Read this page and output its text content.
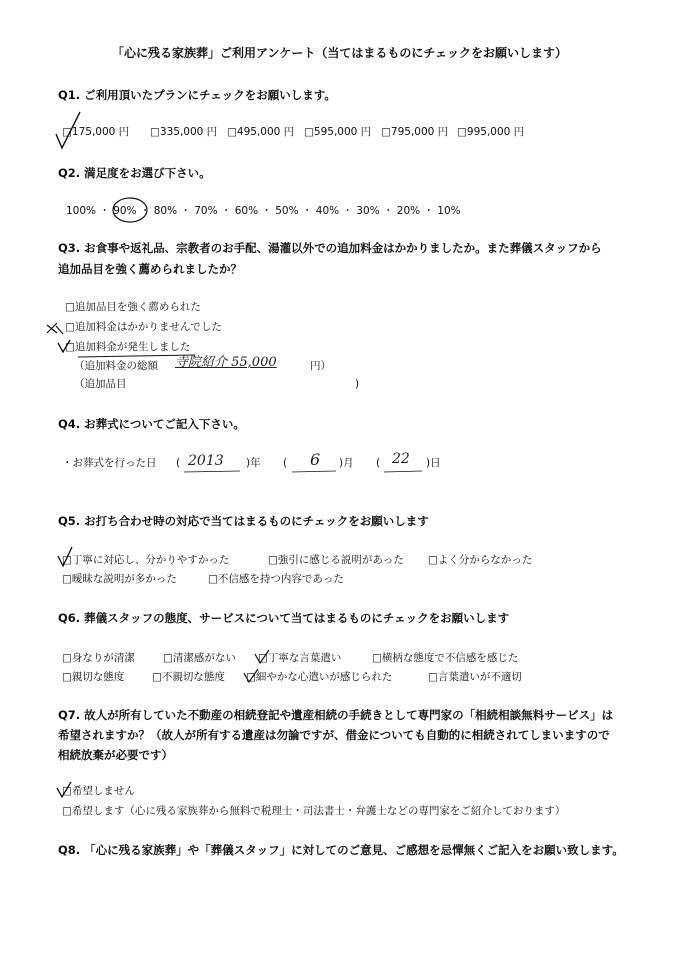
「心に残る家族葬」ご利用アンケート（当てはまるものにチェックをお願いします）
Q1. ご利用頂いたプランにチェックをお願いします。
□175,000 円 □335,000 円 □495,000 円 □595,000 円 □795,000 円 □995,000 円
Q2. 満足度をお選び下さい。
100% ・ 90% ・ 80% ・ 70% ・ 60% ・ 50% ・ 40% ・ 30% ・ 20% ・ 10%
Q3. お食事や返礼品、宗教者のお手配、湯灌以外での追加料金はかかりましたか。また葬儀スタッフから
追加品目を強く薦められましたか？
□追加品目を強く薦められた
□追加料金はかかりませんでした
□追加料金が発生しました
（追加料金の総額 寺院紹介 55,000	円）
（追加品目	)
Q4. お葬式についてご記入下さい。
・お葬式を行った日 ( 2013 )年 ( 6 )月 ( 22 )日
Q5. お打ち合わせ時の対応で当てはまるものにチェックをお願いします
□丁寧に対応し、分かりやすかった	□強引に感じる説明があった □よく分からなかった
□曖昧な説明が多かった	□不信感を持つ内容であった
Q6. 葬儀スタッフの態度、サービスについて当てはまるものにチェックをお願いします
□身なりが清潔	□清潔感がない □丁寧な言葉遣い	□横柄な態度で不信感を感じた
□親切な態度	□不親切な態度 □細やかな心遣いが感じられた	□言葉遣いが不適切
Q7. 故人が所有していた不動産の相続登記や遺産相続の手続きとして専門家の「相続相談無料サービス」は
希望されますか？（故人が所有する遺産は勿論ですが、借金についても自動的に相続されてしまいますので
相続放棄が必要です）
□希望しません
□希望します（心に残る家族葬から無料で税理士・司法書士・弁護士などの専門家をご紹介しております）
Q8. 「心に残る家族葬」や「葬儀スタッフ」に対してのご意見、ご感想を忌憚無くご記入をお願い致します。
